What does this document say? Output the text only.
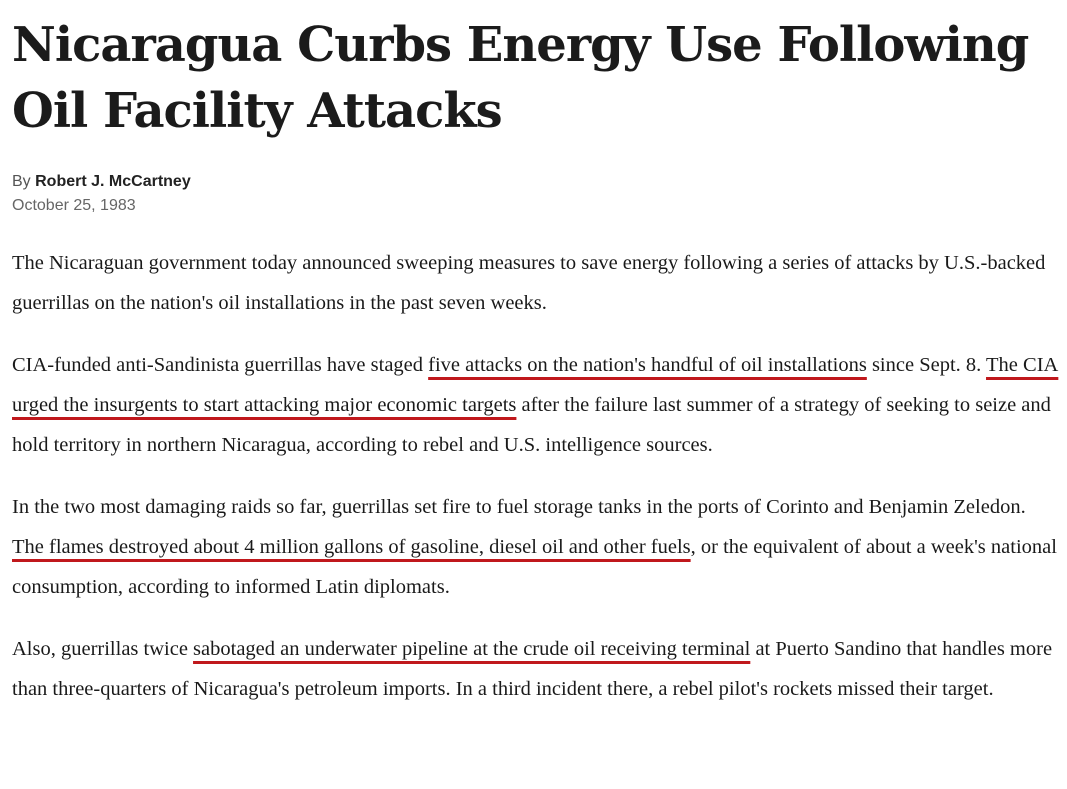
Nicaragua Curbs Energy Use Following Oil Facility Attacks
By Robert J. McCartney
October 25, 1983

The Nicaraguan government today announced sweeping measures to save energy following a series of attacks by U.S.-backed guerrillas on the nation's oil installations in the past seven weeks.

CIA-funded anti-Sandinista guerrillas have staged five attacks on the nation's handful of oil installations since Sept. 8. The CIA urged the insurgents to start attacking major economic targets after the failure last summer of a strategy of seeking to seize and hold territory in northern Nicaragua, according to rebel and U.S. intelligence sources.

In the two most damaging raids so far, guerrillas set fire to fuel storage tanks in the ports of Corinto and Benjamin Zeledon. The flames destroyed about 4 million gallons of gasoline, diesel oil and other fuels, or the equivalent of about a week's national consumption, according to informed Latin diplomats.

Also, guerrillas twice sabotaged an underwater pipeline at the crude oil receiving terminal at Puerto Sandino that handles more than three-quarters of Nicaragua's petroleum imports. In a third incident there, a rebel pilot's rockets missed their target.
